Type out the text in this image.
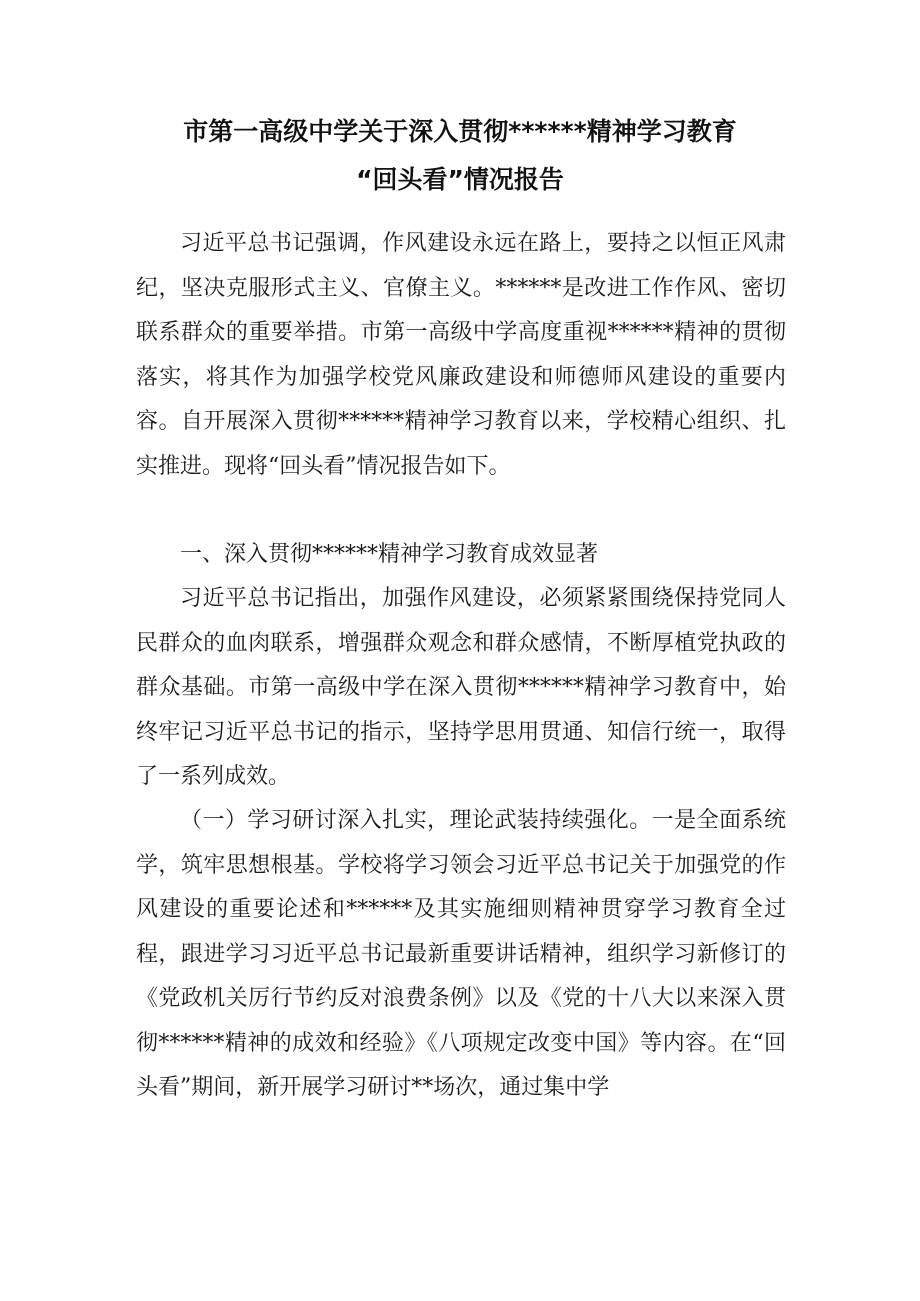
市第一高级中学关于深入贯彻******精神学习教育
“回头看”情况报告

习近平总书记强调，作风建设永远在路上，要持之以恒正风肃纪，坚决克服形式主义、官僚主义。******是改进工作作风、密切联系群众的重要举措。市第一高级中学高度重视******精神的贯彻落实，将其作为加强学校党风廉政建设和师德师风建设的重要内容。自开展深入贯彻******精神学习教育以来，学校精心组织、扎实推进。现将“回头看”情况报告如下。

一、深入贯彻******精神学习教育成效显著

习近平总书记指出，加强作风建设，必须紧紧围绕保持党同人民群众的血肉联系，增强群众观念和群众感情，不断厚植党执政的群众基础。市第一高级中学在深入贯彻******精神学习教育中，始终牢记习近平总书记的指示，坚持学思用贯通、知信行统一，取得了一系列成效。

（一）学习研讨深入扎实，理论武装持续强化。一是全面系统学，筑牢思想根基。学校将学习领会习近平总书记关于加强党的作风建设的重要论述和******及其实施细则精神贯穿学习教育全过程，跟进学习习近平总书记最新重要讲话精神，组织学习新修订的《党政机关厉行节约反对浪费条例》以及《党的十八大以来深入贯彻******精神的成效和经验》《八项规定改变中国》等内容。在“回头看”期间，新开展学习研讨**场次，通过集中学
